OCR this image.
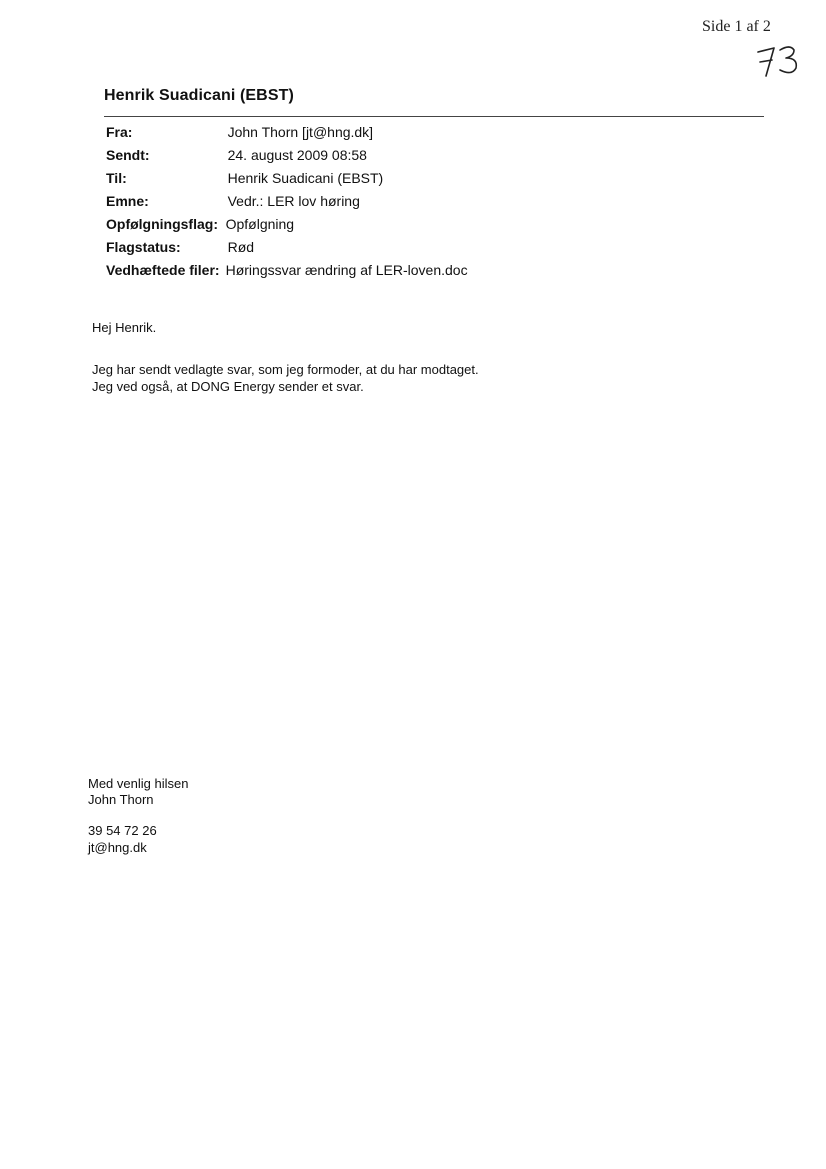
Side 1 af 2
Henrik Suadicani (EBST)
Fra:	John Thorn [jt@hng.dk]
Sendt:	24. august 2009 08:58
Til:	Henrik Suadicani (EBST)
Emne:	Vedr.: LER lov høring
Opfølgningsflag:	Opfølgning
Flagstatus:	Rød
Vedhæftede filer:	Høringssvar ændring af LER-loven.doc
Hej Henrik.
Jeg har sendt vedlagte svar, som jeg formoder, at du har modtaget.
Jeg ved også, at DONG Energy sender et svar.
Med venlig hilsen
John Thorn
39 54 72 26
jt@hng.dk
